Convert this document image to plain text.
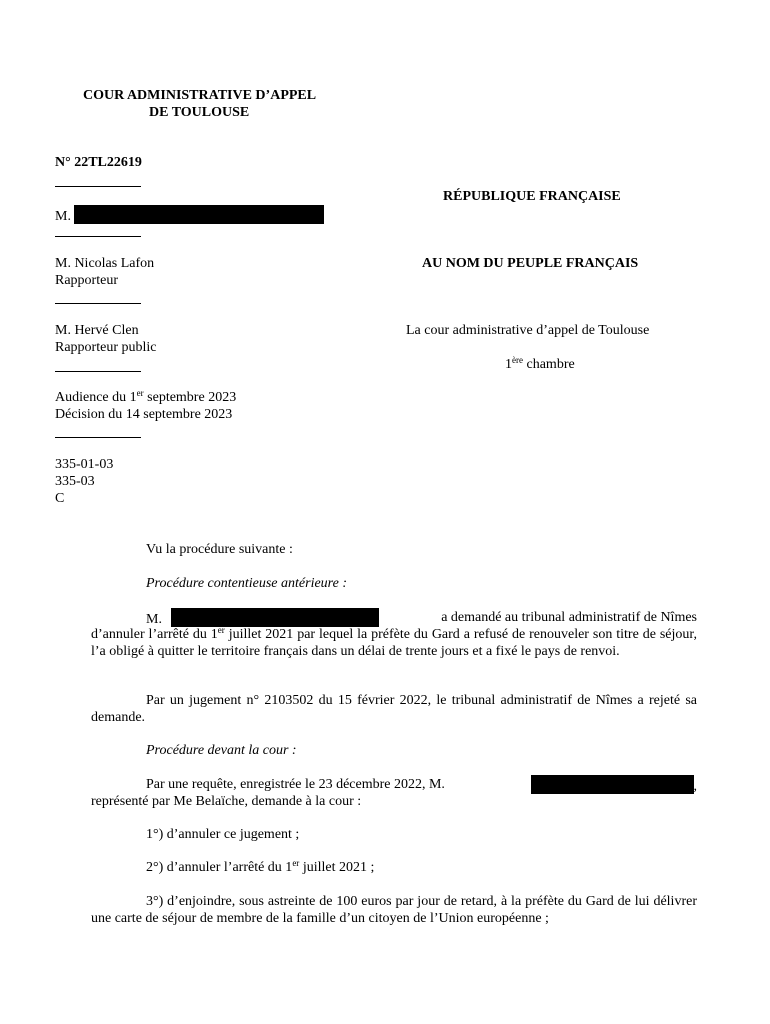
COUR ADMINISTRATIVE D’APPEL
DE TOULOUSE
N° 22TL22619
M.
M. Nicolas Lafon
Rapporteur
M. Hervé Clen
Rapporteur public
Audience du 1er septembre 2023
Décision du 14 septembre 2023
335-01-03
335-03
C
RÉPUBLIQUE FRANÇAISE
AU NOM DU PEUPLE FRANÇAIS
La cour administrative d’appel de Toulouse
1ère chambre
Vu la procédure suivante :
Procédure contentieuse antérieure :
M.	a demandé au tribunal administratif de Nîmes
d’annuler l’arrêté du 1er juillet 2021 par lequel la préfète du Gard a refusé de renouveler son titre de séjour, l’a obligé à quitter le territoire français dans un délai de trente jours et a fixé le pays de renvoi.
Par un jugement n° 2103502 du 15 février 2022, le tribunal administratif de Nîmes a rejeté sa demande.
Procédure devant la cour :
Par une requête, enregistrée le 23 décembre 2022, M.	,
représenté par Me Belaïche, demande à la cour :
1°) d’annuler ce jugement ;
2°) d’annuler l’arrêté du 1er juillet 2021 ;
3°) d’enjoindre, sous astreinte de 100 euros par jour de retard, à la préfète du Gard de lui délivrer une carte de séjour de membre de la famille d’un citoyen de l’Union européenne ;
